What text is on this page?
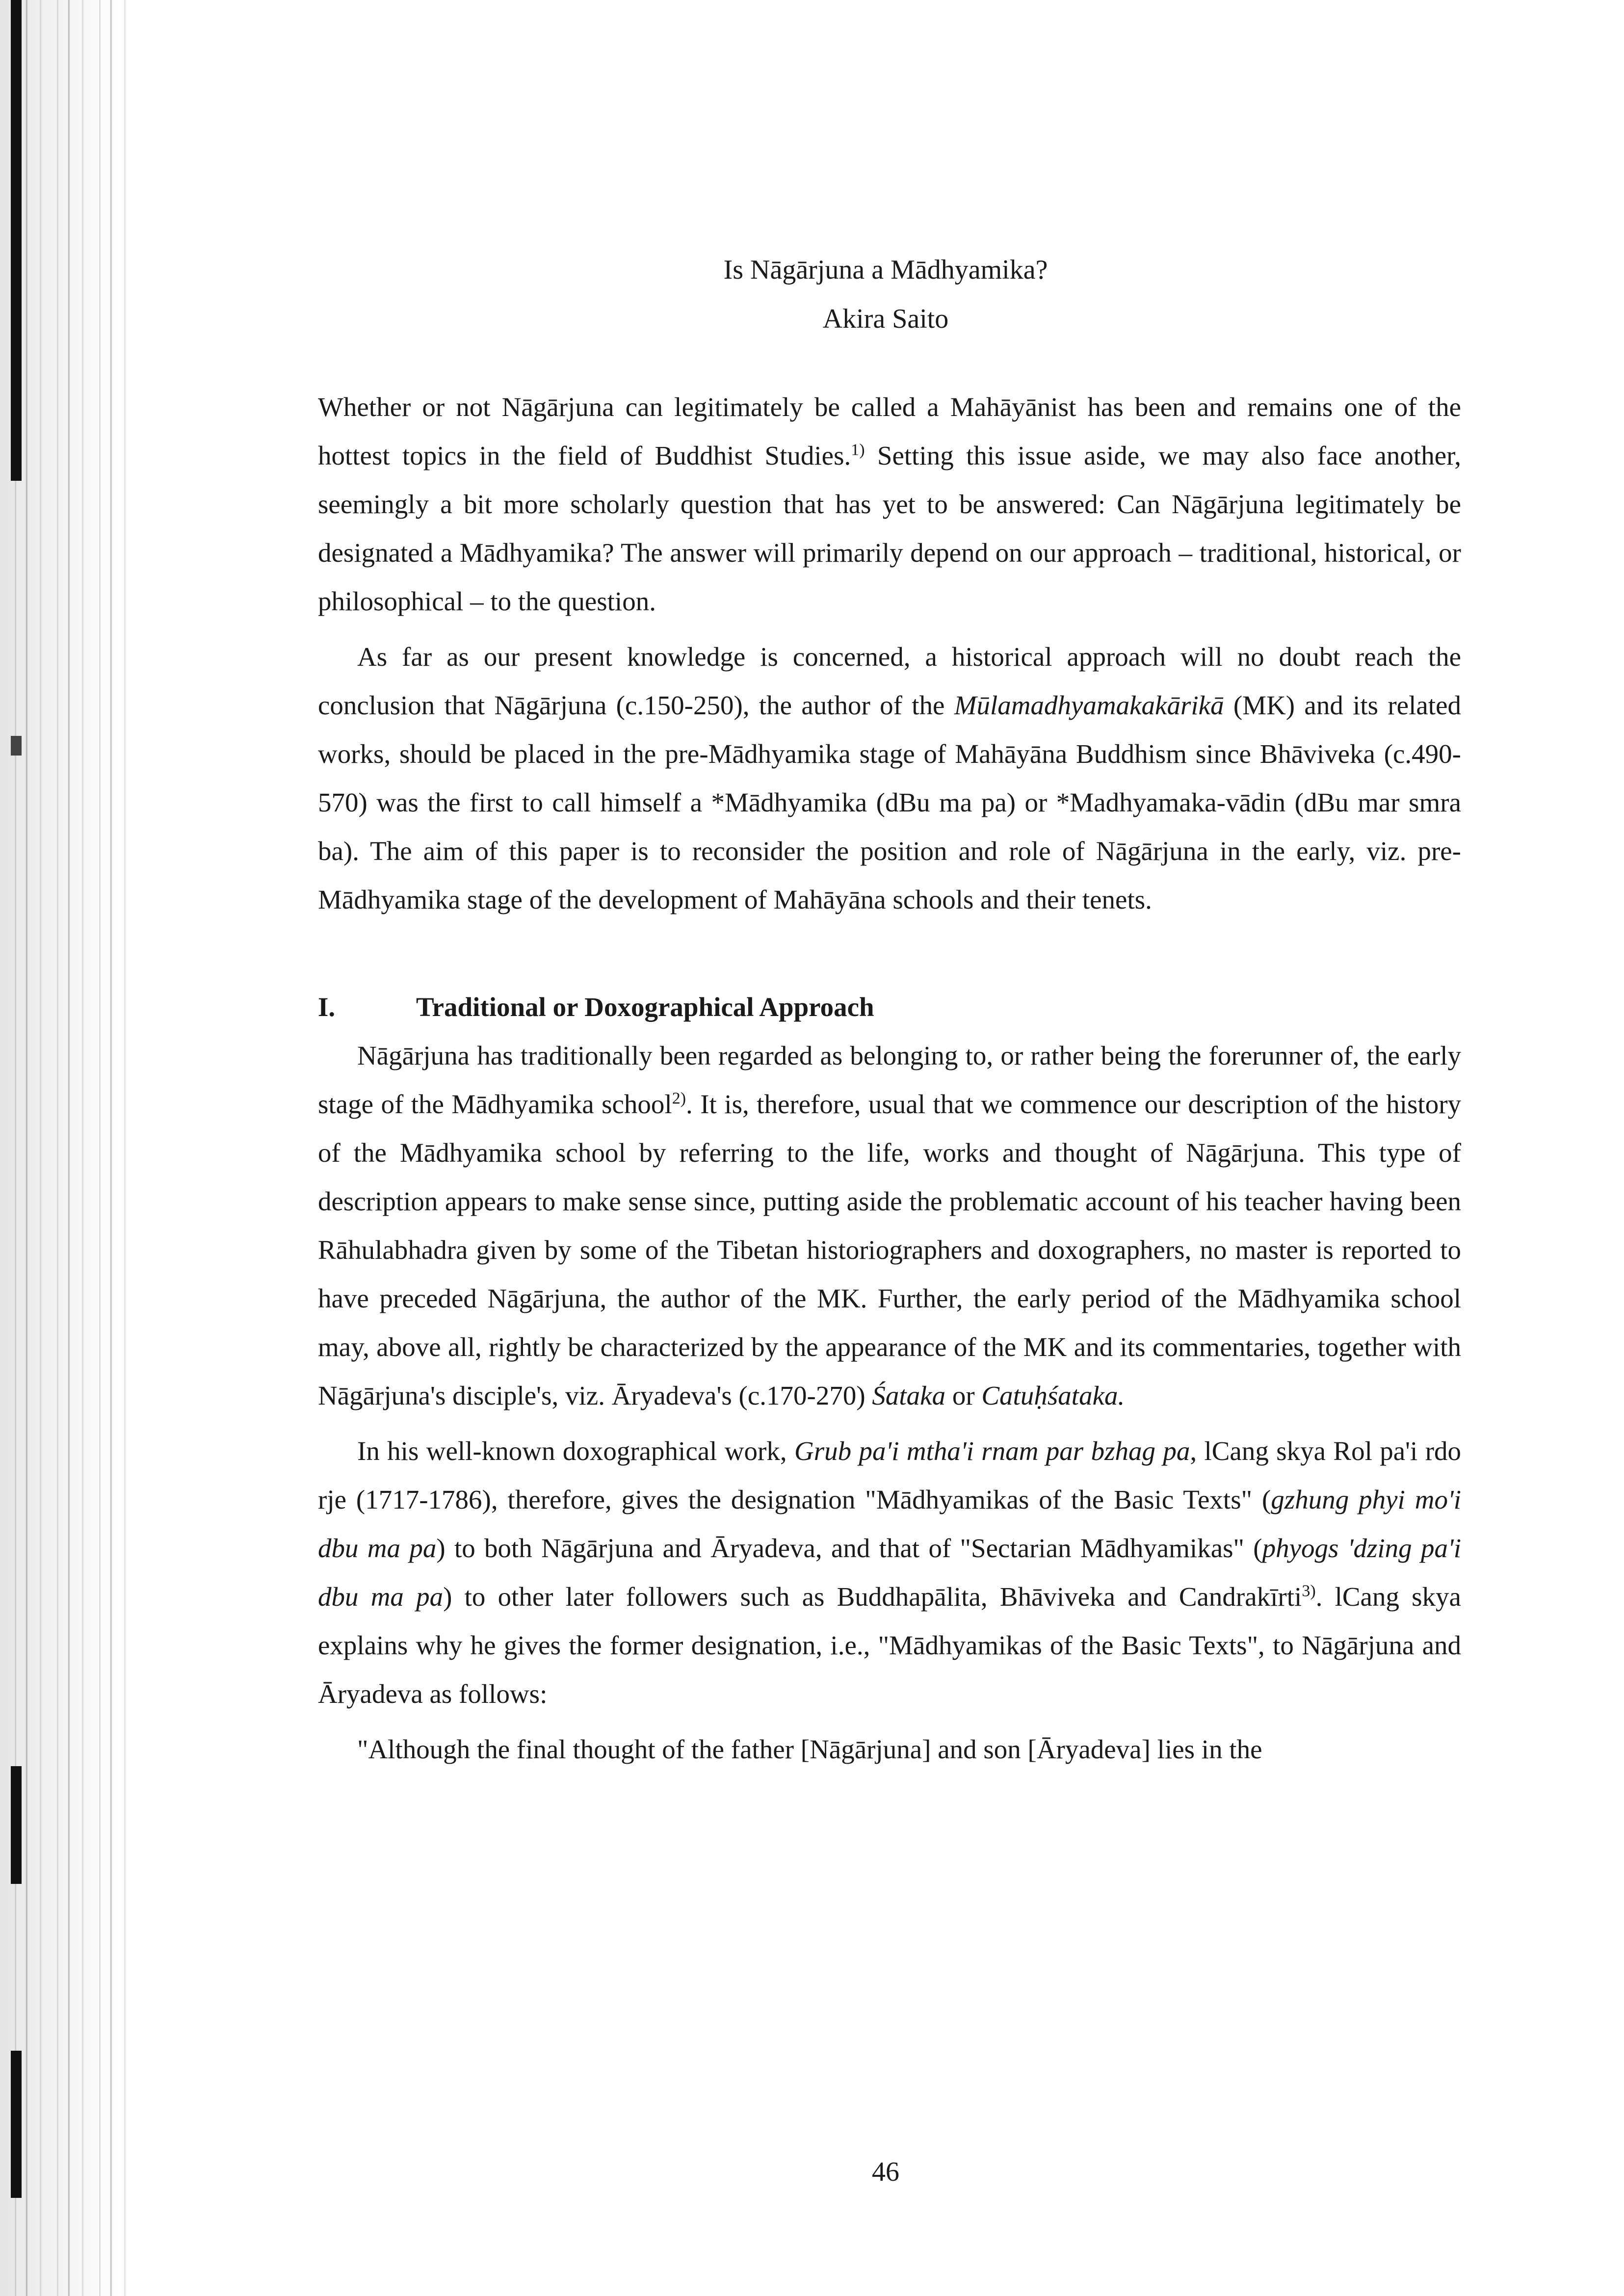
Is Nāgārjuna a Mādhyamika?
Akira Saito

Whether or not Nāgārjuna can legitimately be called a Mahāyānist has been and remains one of the hottest topics in the field of Buddhist Studies.$^{1)}$ Setting this issue aside, we may also face another, seemingly a bit more scholarly question that has yet to be answered: Can Nāgārjuna legitimately be designated a Mādhyamika? The answer will primarily depend on our approach – traditional, historical, or philosophical – to the question.

As far as our present knowledge is concerned, a historical approach will no doubt reach the conclusion that Nāgārjuna (c.150-250), the author of the Mūlamadhyamakakārikā (MK) and its related works, should be placed in the pre-Mādhyamika stage of Mahāyāna Buddhism since Bhāviveka (c.490-570) was the first to call himself a *Mādhyamika (dBu ma pa) or *Madhyamaka-vādin (dBu mar smra ba). The aim of this paper is to reconsider the position and role of Nāgārjuna in the early, viz. pre-Mādhyamika stage of the development of Mahāyāna schools and their tenets.

I.	Traditional or Doxographical Approach

Nāgārjuna has traditionally been regarded as belonging to, or rather being the forerunner of, the early stage of the Mādhyamika school$^{2)}$. It is, therefore, usual that we commence our description of the history of the Mādhyamika school by referring to the life, works and thought of Nāgārjuna. This type of description appears to make sense since, putting aside the problematic account of his teacher having been Rāhulabhadra given by some of the Tibetan historiographers and doxographers, no master is reported to have preceded Nāgārjuna, the author of the MK. Further, the early period of the Mādhyamika school may, above all, rightly be characterized by the appearance of the MK and its commentaries, together with Nāgārjuna's disciple's, viz. Āryadeva's (c.170-270) Śataka or Catuḥśataka.

In his well-known doxographical work, Grub pa'i mtha'i rnam par bzhag pa, lCang skya Rol pa'i rdo rje (1717-1786), therefore, gives the designation "Mādhyamikas of the Basic Texts" (gzhung phyi mo'i dbu ma pa) to both Nāgārjuna and Āryadeva, and that of "Sectarian Mādhyamikas" (phyogs 'dzing pa'i dbu ma pa) to other later followers such as Buddhapālita, Bhāviveka and Candrakīrti$^{3)}$. lCang skya explains why he gives the former designation, i.e., "Mādhyamikas of the Basic Texts", to Nāgārjuna and Āryadeva as follows:

"Although the final thought of the father [Nāgārjuna] and son [Āryadeva] lies in the

46
